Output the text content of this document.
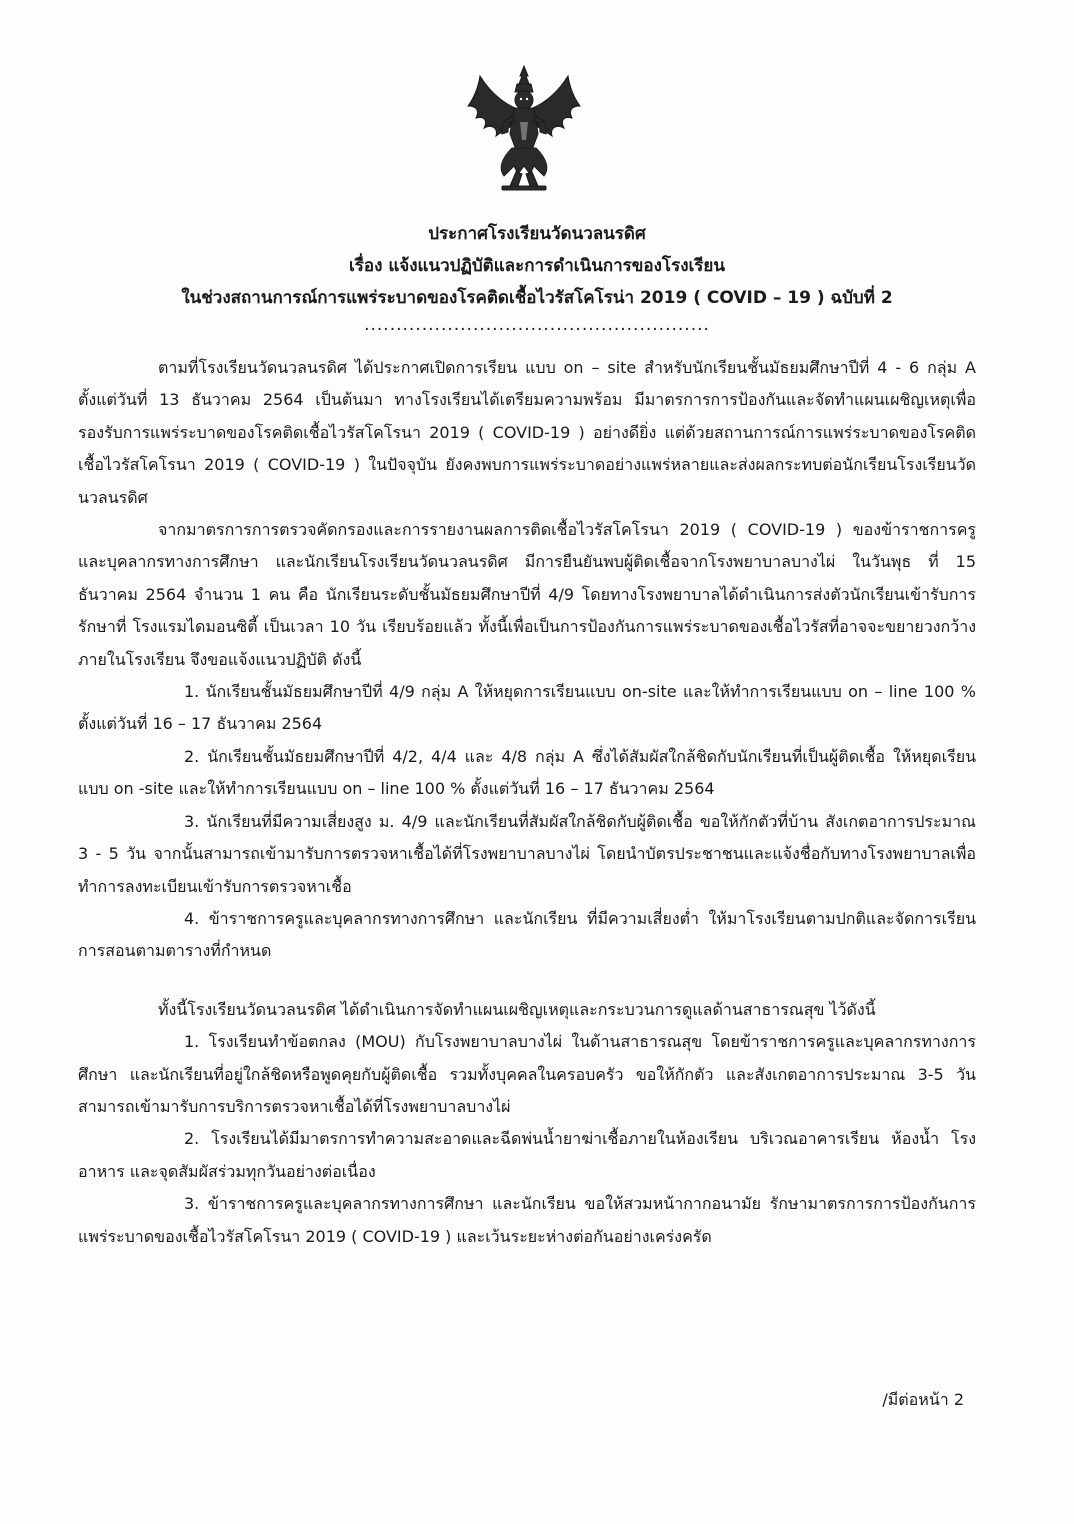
ประกาศโรงเรียนวัดนวลนรดิศ
เรื่อง แจ้งแนวปฏิบัติและการดำเนินการของโรงเรียน
ในช่วงสถานการณ์การแพร่ระบาดของโรคติดเชื้อไวรัสโคโรน่า 2019 ( COVID – 19 ) ฉบับที่ 2
......................................................

ตามที่โรงเรียนวัดนวลนรดิศ ได้ประกาศเปิดการเรียน แบบ on – site สำหรับนักเรียนชั้นมัธยมศึกษาปีที่ 4 - 6 กลุ่ม A ตั้งแต่วันที่ 13 ธันวาคม 2564 เป็นต้นมา ทางโรงเรียนได้เตรียมความพร้อม มีมาตรการการป้องกันและจัดทำแผนเผชิญเหตุเพื่อรองรับการแพร่ระบาดของโรคติดเชื้อไวรัสโคโรนา 2019 ( COVID-19 ) อย่างดียิ่ง แต่ด้วยสถานการณ์การแพร่ระบาดของโรคติดเชื้อไวรัสโคโรนา 2019 ( COVID-19 ) ในปัจจุบัน ยังคงพบการแพร่ระบาดอย่างแพร่หลายและส่งผลกระทบต่อนักเรียนโรงเรียนวัดนวลนรดิศ

จากมาตรการการตรวจคัดกรองและการรายงานผลการติดเชื้อไวรัสโคโรนา 2019 ( COVID-19 ) ของข้าราชการครูและบุคลากรทางการศึกษา และนักเรียนโรงเรียนวัดนวลนรดิศ มีการยืนยันพบผู้ติดเชื้อจากโรงพยาบาลบางไผ่ ในวันพุธ ที่ 15 ธันวาคม 2564 จำนวน 1 คน คือ นักเรียนระดับชั้นมัธยมศึกษาปีที่ 4/9 โดยทางโรงพยาบาลได้ดำเนินการส่งตัวนักเรียนเข้ารับการรักษาที่ โรงแรมไดมอนซิตี้ เป็นเวลา 10 วัน เรียบร้อยแล้ว ทั้งนี้เพื่อเป็นการป้องกันการแพร่ระบาดของเชื้อไวรัสที่อาจจะขยายวงกว้างภายในโรงเรียน จึงขอแจ้งแนวปฏิบัติ ดังนี้

1. นักเรียนชั้นมัธยมศึกษาปีที่ 4/9 กลุ่ม A ให้หยุดการเรียนแบบ on-site และให้ทำการเรียนแบบ on – line 100 % ตั้งแต่วันที่ 16 – 17 ธันวาคม 2564

2. นักเรียนชั้นมัธยมศึกษาปีที่ 4/2, 4/4 และ 4/8 กลุ่ม A ซึ่งได้สัมผัสใกล้ชิดกับนักเรียนที่เป็นผู้ติดเชื้อ ให้หยุดเรียนแบบ on -site และให้ทำการเรียนแบบ on – line 100 % ตั้งแต่วันที่ 16 – 17 ธันวาคม 2564

3. นักเรียนที่มีความเสี่ยงสูง ม. 4/9 และนักเรียนที่สัมผัสใกล้ชิดกับผู้ติดเชื้อ ขอให้กักตัวที่บ้าน สังเกตอาการประมาณ 3 - 5 วัน จากนั้นสามารถเข้ามารับการตรวจหาเชื้อได้ที่โรงพยาบาลบางไผ่ โดยนำบัตรประชาชนและแจ้งชื่อกับทางโรงพยาบาลเพื่อทำการลงทะเบียนเข้ารับการตรวจหาเชื้อ

4. ข้าราชการครูและบุคลากรทางการศึกษา และนักเรียน ที่มีความเสี่ยงต่ำ ให้มาโรงเรียนตามปกติและจัดการเรียนการสอนตามตารางที่กำหนด

ทั้งนี้โรงเรียนวัดนวลนรดิศ ได้ดำเนินการจัดทำแผนเผชิญเหตุและกระบวนการดูแลด้านสาธารณสุข ไว้ดังนี้

1. โรงเรียนทำข้อตกลง (MOU) กับโรงพยาบาลบางไผ่ ในด้านสาธารณสุข โดยข้าราชการครูและบุคลากรทางการศึกษา และนักเรียนที่อยู่ใกล้ชิดหรือพูดคุยกับผู้ติดเชื้อ รวมทั้งบุคคลในครอบครัว ขอให้กักตัว และสังเกตอาการประมาณ 3-5 วัน สามารถเข้ามารับการบริการตรวจหาเชื้อได้ที่โรงพยาบาลบางไผ่

2. โรงเรียนได้มีมาตรการทำความสะอาดและฉีดพ่นน้ำยาฆ่าเชื้อภายในห้องเรียน บริเวณอาคารเรียน ห้องน้ำ โรงอาหาร และจุดสัมผัสร่วมทุกวันอย่างต่อเนื่อง

3. ข้าราชการครูและบุคลากรทางการศึกษา และนักเรียน ขอให้สวมหน้ากากอนามัย รักษามาตรการการป้องกันการแพร่ระบาดของเชื้อไวรัสโคโรนา 2019 ( COVID-19 ) และเว้นระยะห่างต่อกันอย่างเคร่งครัด

/มีต่อหน้า 2
